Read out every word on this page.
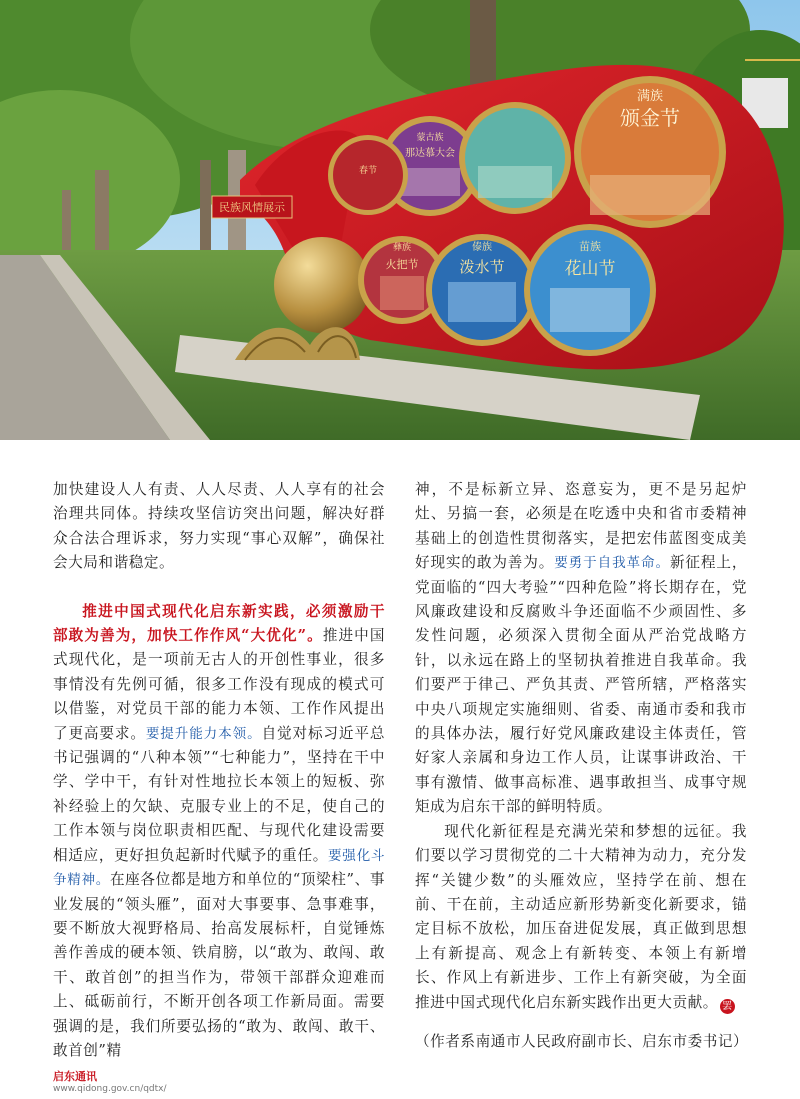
民族风情展示
满族
颁金节
蒙古族
那达慕大会
春节
彝族
火把节
傣族
泼水节
苗族
花山节

加快建设人人有责、人人尽责、人人享有的社会治理共同体。持续攻坚信访突出问题，解决好群众合法合理诉求，努力实现“事心双解”，确保社会大局和谐稳定。

推进中国式现代化启东新实践，必须激励干部敢为善为，加快工作作风“大优化”。推进中国式现代化，是一项前无古人的开创性事业，很多事情没有先例可循，很多工作没有现成的模式可以借鉴，对党员干部的能力本领、工作作风提出了更高要求。要提升能力本领。自觉对标习近平总书记强调的“八种本领”“七种能力”，坚持在干中学、学中干，有针对性地拉长本领上的短板、弥补经验上的欠缺、克服专业上的不足，使自己的工作本领与岗位职责相匹配、与现代化建设需要相适应，更好担负起新时代赋予的重任。要强化斗争精神。在座各位都是地方和单位的“顶梁柱”、事业发展的“领头雁”，面对大事要事、急事难事，要不断放大视野格局、抬高发展标杆，自觉锤炼善作善成的硬本领、铁肩膀，以“敢为、敢闯、敢干、敢首创”的担当作为，带领干部群众迎难而上、砥砺前行，不断开创各项工作新局面。需要强调的是，我们所要弘扬的“敢为、敢闯、敢干、敢首创”精

神，不是标新立异、恣意妄为，更不是另起炉灶、另搞一套，必须是在吃透中央和省市委精神基础上的创造性贯彻落实，是把宏伟蓝图变成美好现实的敢为善为。要勇于自我革命。新征程上，党面临的“四大考验”“四种危险”将长期存在，党风廉政建设和反腐败斗争还面临不少顽固性、多发性问题，必须深入贯彻全面从严治党战略方针，以永远在路上的坚韧执着推进自我革命。我们要严于律己、严负其责、严管所辖，严格落实中央八项规定实施细则、省委、南通市委和我市的具体办法，履行好党风廉政建设主体责任，管好家人亲属和身边工作人员，让谋事讲政治、干事有激情、做事高标准、遇事敢担当、成事守规矩成为启东干部的鲜明特质。

现代化新征程是充满光荣和梦想的远征。我们要以学习贯彻党的二十大精神为动力，充分发挥“关键少数”的头雁效应，坚持学在前、想在前、干在前，主动适应新形势新变化新要求，锚定目标不放松，加压奋进促发展，真正做到思想上有新提高、观念上有新转变、本领上有新增长、作风上有新进步、工作上有新突破，为全面推进中国式现代化启东新实践作出更大贡献。 罢

（作者系南通市人民政府副市长、启东市委书记）
启东通讯
www.qidong.gov.cn/qdtx/
